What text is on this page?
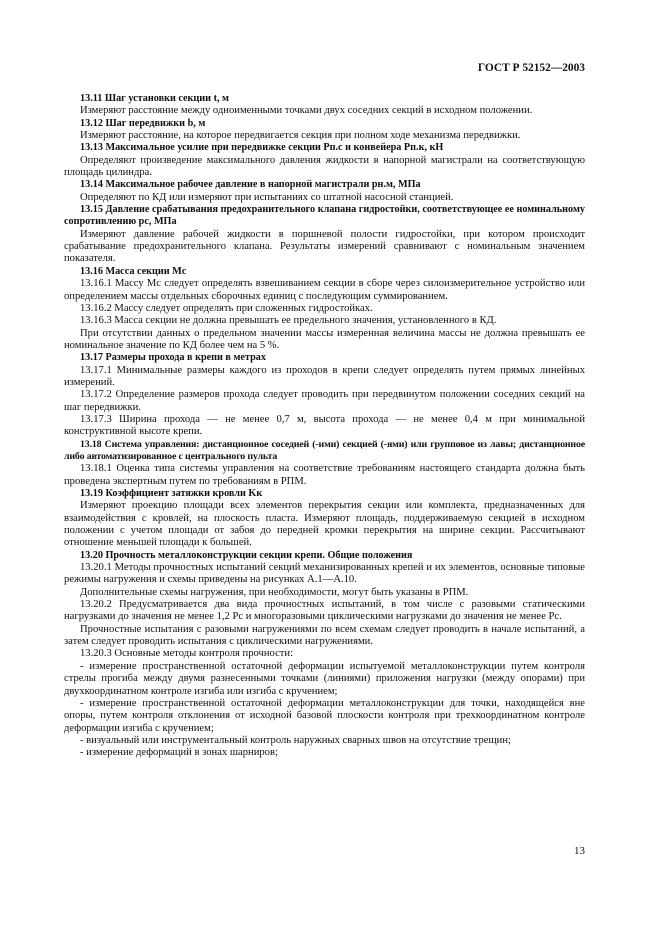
ГОСТ Р 52152—2003

13.11 Шаг установки секции t, м

Измеряют расстояние между одноименными точками двух соседних секций в исходном положении.

13.12 Шаг передвижки b, м

Измеряют расстояние, на которое передвигается секция при полном ходе механизма передвижки.

13.13 Максимальное усилие при передвижке секции Pп.с и конвейера Pп.к, кН

Определяют произведение максимального давления жидкости в напорной магистрали на соответствующую площадь цилиндра.

13.14 Максимальное рабочее давление в напорной магистрали pн.м, МПа

Определяют по КД или измеряют при испытаниях со штатной насосной станцией.

13.15 Давление срабатывания предохранительного клапана гидростойки, соответствующее ее номинальному сопротивлению pс, МПа

Измеряют давление рабочей жидкости в поршневой полости гидростойки, при котором происходит срабатывание предохранительного клапана. Результаты измерений сравнивают с номинальным значением показателя.

13.16 Масса секции Mс

13.16.1 Массу Mс следует определять взвешиванием секции в сборе через силоизмерительное устройство или определением массы отдельных сборочных единиц с последующим суммированием.

13.16.2 Массу следует определять при сложенных гидростойках.

13.16.3 Масса секции не должна превышать ее предельного значения, установленного в КД.

При отсутствии данных о предельном значении массы измеренная величина массы не должна превышать ее номинальное значение по КД более чем на 5 %.

13.17 Размеры прохода в крепи в метрах

13.17.1 Минимальные размеры каждого из проходов в крепи следует определять путем прямых линейных измерений.

13.17.2 Определение размеров прохода следует проводить при передвинутом положении соседних секций на шаг передвижки.

13.17.3 Ширина прохода — не менее 0,7 м, высота прохода — не менее 0,4 м при минимальной конструктивной высоте крепи.

13.18 Система управления: дистанционное соседней (-ими) секцией (-ями) или групповое из лавы; дистанционное либо автоматизированное с центрального пульта

13.18.1 Оценка типа системы управления на соответствие требованиям настоящего стандарта должна быть проведена экспертным путем по требованиям в РПМ.

13.19 Коэффициент затяжки кровли Kк

Измеряют проекцию площади всех элементов перекрытия секции или комплекта, предназначенных для взаимодействия с кровлей, на плоскость пласта. Измеряют площадь, поддерживаемую секцией в исходном положении с учетом площади от забоя до передней кромки перекрытия на ширине секции. Рассчитывают отношение меньшей площади к большей.

13.20 Прочность металлоконструкции секции крепи. Общие положения

13.20.1 Методы прочностных испытаний секций механизированных крепей и их элементов, основные типовые режимы нагружения и схемы приведены на рисунках А.1—А.10.

Дополнительные схемы нагружения, при необходимости, могут быть указаны в РПМ.

13.20.2 Предусматривается два вида прочностных испытаний, в том числе с разовыми статическими нагрузками до значения не менее 1,2 Pс и многоразовыми циклическими нагрузками до значения не менее Pс.

Прочностные испытания с разовыми нагружениями по всем схемам следует проводить в начале испытаний, а затем следует проводить испытания с циклическими нагружениями.

13.20.3 Основные методы контроля прочности:

- измерение пространственной остаточной деформации испытуемой металлоконструкции путем контроля стрелы прогиба между двумя разнесенными точками (линиями) приложения нагрузки (между опорами) при двухкоординатном контроле изгиба или изгиба с кручением;

- измерение пространственной остаточной деформации металлоконструкции для точки, находящейся вне опоры, путем контроля отклонения от исходной базовой плоскости контроля при трехкоординатном контроле деформации изгиба с кручением;

- визуальный или инструментальный контроль наружных сварных швов на отсутствие трещин;

- измерение деформаций в зонах шарниров;

13
